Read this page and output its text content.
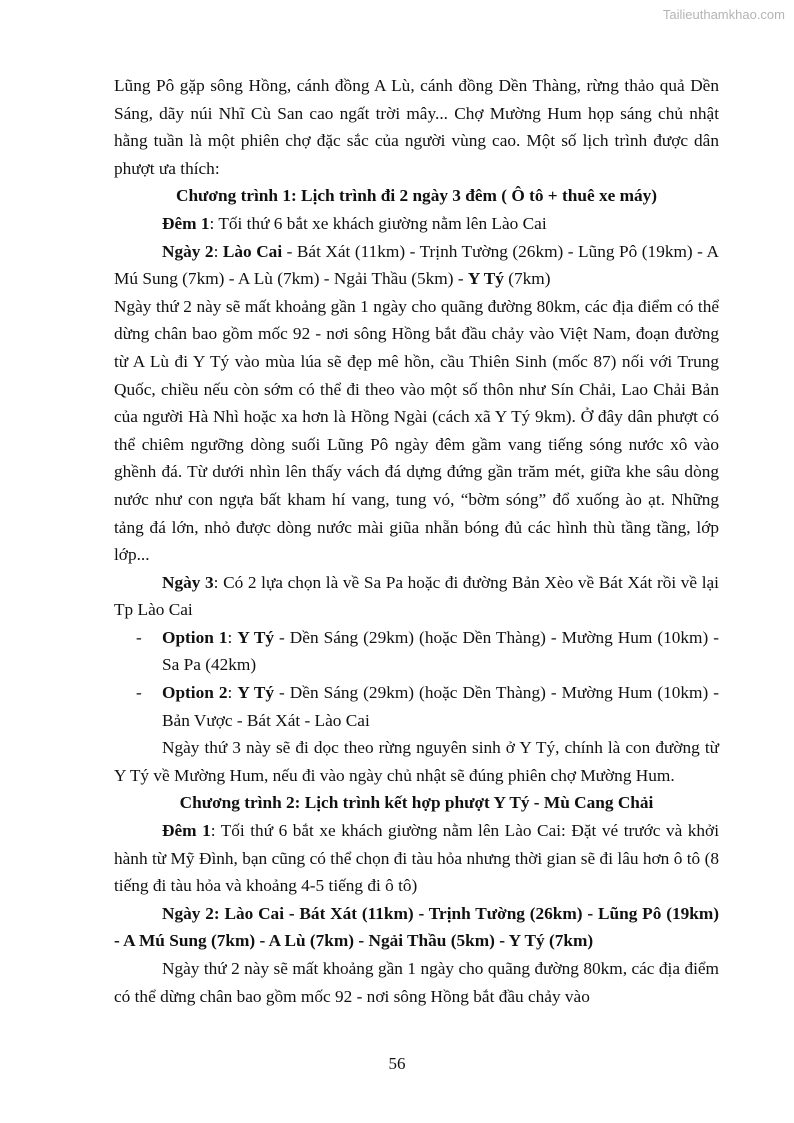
Tailieuthamkhao.com

Lũng Pô gặp sông Hồng, cánh đồng A Lù, cánh đồng Dền Thàng, rừng thảo quả Dền Sáng, dãy núi Nhĩ Cù San cao ngất trời mây... Chợ Mường Hum họp sáng chủ nhật hằng tuần là một phiên chợ đặc sắc của người vùng cao. Một số lịch trình được dân phượt ưa thích:

Chương trình 1: Lịch trình đi 2 ngày 3 đêm ( Ô tô + thuê xe máy)

Đêm 1: Tối thứ 6 bắt xe khách giường nằm lên Lào Cai

Ngày 2: Lào Cai - Bát Xát (11km) - Trịnh Tường (26km) - Lũng Pô (19km) - A Mú Sung (7km) - A Lù (7km) - Ngải Thầu (5km) - Y Tý (7km)

Ngày thứ 2 này sẽ mất khoảng gần 1 ngày cho quãng đường 80km, các địa điểm có thể dừng chân bao gồm mốc 92 - nơi sông Hồng bắt đầu chảy vào Việt Nam, đoạn đường từ A Lù đi Y Tý vào mùa lúa sẽ đẹp mê hồn, cầu Thiên Sinh (mốc 87) nối với Trung Quốc, chiều nếu còn sớm có thể đi theo vào một số thôn như Sín Chải, Lao Chải Bản của người Hà Nhì hoặc xa hơn là Hồng Ngài (cách xã Y Tý 9km). Ở đây dân phượt có thể chiêm ngưỡng dòng suối Lũng Pô ngày đêm gầm vang tiếng sóng nước xô vào ghềnh đá. Từ dưới nhìn lên thấy vách đá dựng đứng gần trăm mét, giữa khe sâu dòng nước như con ngựa bất kham hí vang, tung vó, “bờm sóng” đổ xuống ào ạt. Những tảng đá lớn, nhỏ được dòng nước mài giũa nhẵn bóng đủ các hình thù tầng tầng, lớp lớp...

Ngày 3: Có 2 lựa chọn là về Sa Pa hoặc đi đường Bản Xèo về Bát Xát rồi về lại Tp Lào Cai

- Option 1: Y Tý - Dền Sáng (29km) (hoặc Dền Thàng) - Mường Hum (10km) - Sa Pa (42km)

- Option 2: Y Tý - Dền Sáng (29km) (hoặc Dền Thàng) - Mường Hum (10km) - Bản Vược - Bát Xát - Lào Cai

Ngày thứ 3 này sẽ đi dọc theo rừng nguyên sinh ở Y Tý, chính là con đường từ Y Tý về Mường Hum, nếu đi vào ngày chủ nhật sẽ đúng phiên chợ Mường Hum.

Chương trình 2: Lịch trình kết hợp phượt Y Tý - Mù Cang Chải

Đêm 1: Tối thứ 6 bắt xe khách giường nằm lên Lào Cai: Đặt vé trước và khởi hành từ Mỹ Đình, bạn cũng có thể chọn đi tàu hỏa nhưng thời gian sẽ đi lâu hơn ô tô (8 tiếng đi tàu hỏa và khoảng 4-5 tiếng đi ô tô)

Ngày 2: Lào Cai - Bát Xát (11km) - Trịnh Tường (26km) - Lũng Pô (19km) - A Mú Sung (7km) - A Lù (7km) - Ngải Thầu (5km) - Y Tý (7km)

Ngày thứ 2 này sẽ mất khoảng gần 1 ngày cho quãng đường 80km, các địa điểm có thể dừng chân bao gồm mốc 92 - nơi sông Hồng bắt đầu chảy vào

56
